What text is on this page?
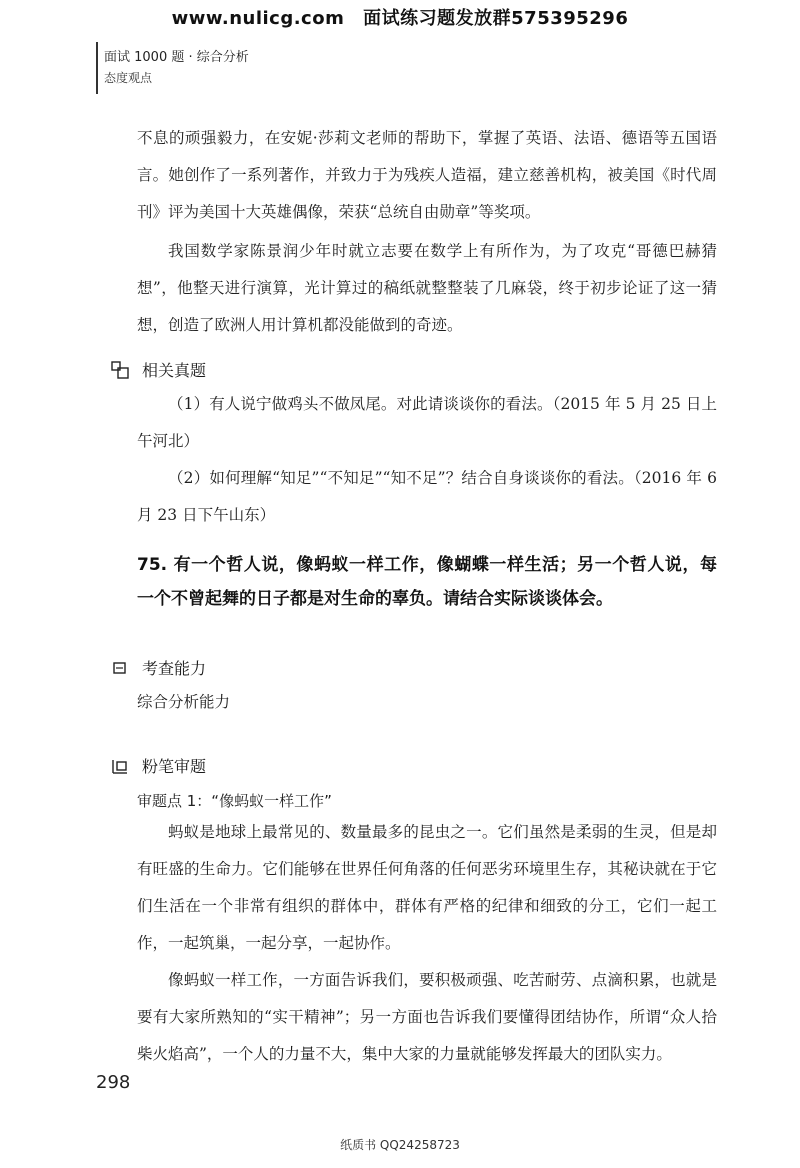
www.nulicg.com 面试练习题发放群575395296
面试 1000 题 · 综合分析
态度观点

不息的顽强毅力，在安妮·莎莉文老师的帮助下，掌握了英语、法语、德语等五国语言。她创作了一系列著作，并致力于为残疾人造福，建立慈善机构，被美国《时代周刊》评为美国十大英雄偶像，荣获“总统自由勋章”等奖项。

我国数学家陈景润少年时就立志要在数学上有所作为，为了攻克“哥德巴赫猜想”，他整天进行演算，光计算过的稿纸就整整装了几麻袋，终于初步论证了这一猜想，创造了欧洲人用计算机都没能做到的奇迹。

相关真题

（1）有人说宁做鸡头不做凤尾。对此请谈谈你的看法。（2015 年 5 月 25 日上午河北）

（2）如何理解“知足”“不知足”“知不足”？结合自身谈谈你的看法。（2016 年 6 月 23 日下午山东）

75. 有一个哲人说，像蚂蚁一样工作，像蝴蝶一样生活；另一个哲人说，每一个不曾起舞的日子都是对生命的辜负。请结合实际谈谈体会。
考查能力

综合分析能力

粉笔审题
审题点 1：“像蚂蚁一样工作”

蚂蚁是地球上最常见的、数量最多的昆虫之一。它们虽然是柔弱的生灵，但是却有旺盛的生命力。它们能够在世界任何角落的任何恶劣环境里生存，其秘诀就在于它们生活在一个非常有组织的群体中，群体有严格的纪律和细致的分工，它们一起工作，一起筑巢，一起分享，一起协作。

像蚂蚁一样工作，一方面告诉我们，要积极顽强、吃苦耐劳、点滴积累，也就是要有大家所熟知的“实干精神”；另一方面也告诉我们要懂得团结协作，所谓“众人拾柴火焰高”，一个人的力量不大，集中大家的力量就能够发挥最大的团队实力。

298
纸质书 QQ24258723
